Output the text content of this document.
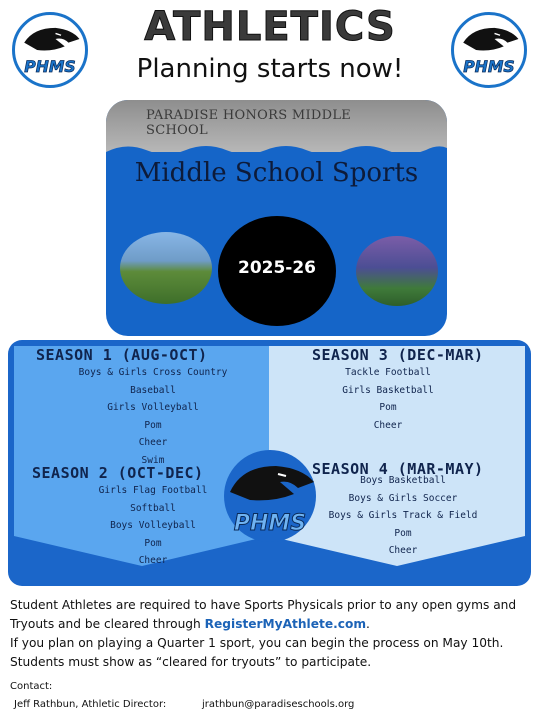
PHMS	PHMS
ATHLETICS
Planning starts now!
PARADISE HONORS MIDDLE SCHOOL
Middle School Sports
2025-26
SEASON 1 (AUG-OCT)
Boys & Girls Cross Country
Baseball
Girls Volleyball
Pom
Cheer
Swim
SEASON 2 (OCT-DEC)
Girls Flag Football
Softball
Boys Volleyball
Pom
Cheer
SEASON 3 (DEC-MAR)
Tackle Football
Girls Basketball
Pom
Cheer
SEASON 4 (MAR-MAY)
Boys Basketball
Boys & Girls Soccer
Boys & Girls Track & Field
Pom
Cheer
PHMS
Student Athletes are required to have Sports Physicals prior to any open gyms and
Tryouts and be cleared through RegisterMyAthlete.com.
If you plan on playing a Quarter 1 sport, you can begin the process on May 10th.
Students must show as “cleared for tryouts” to participate.
Contact:
Jeff Rathbun, Athletic Director:	jrathbun@paradiseschools.org
